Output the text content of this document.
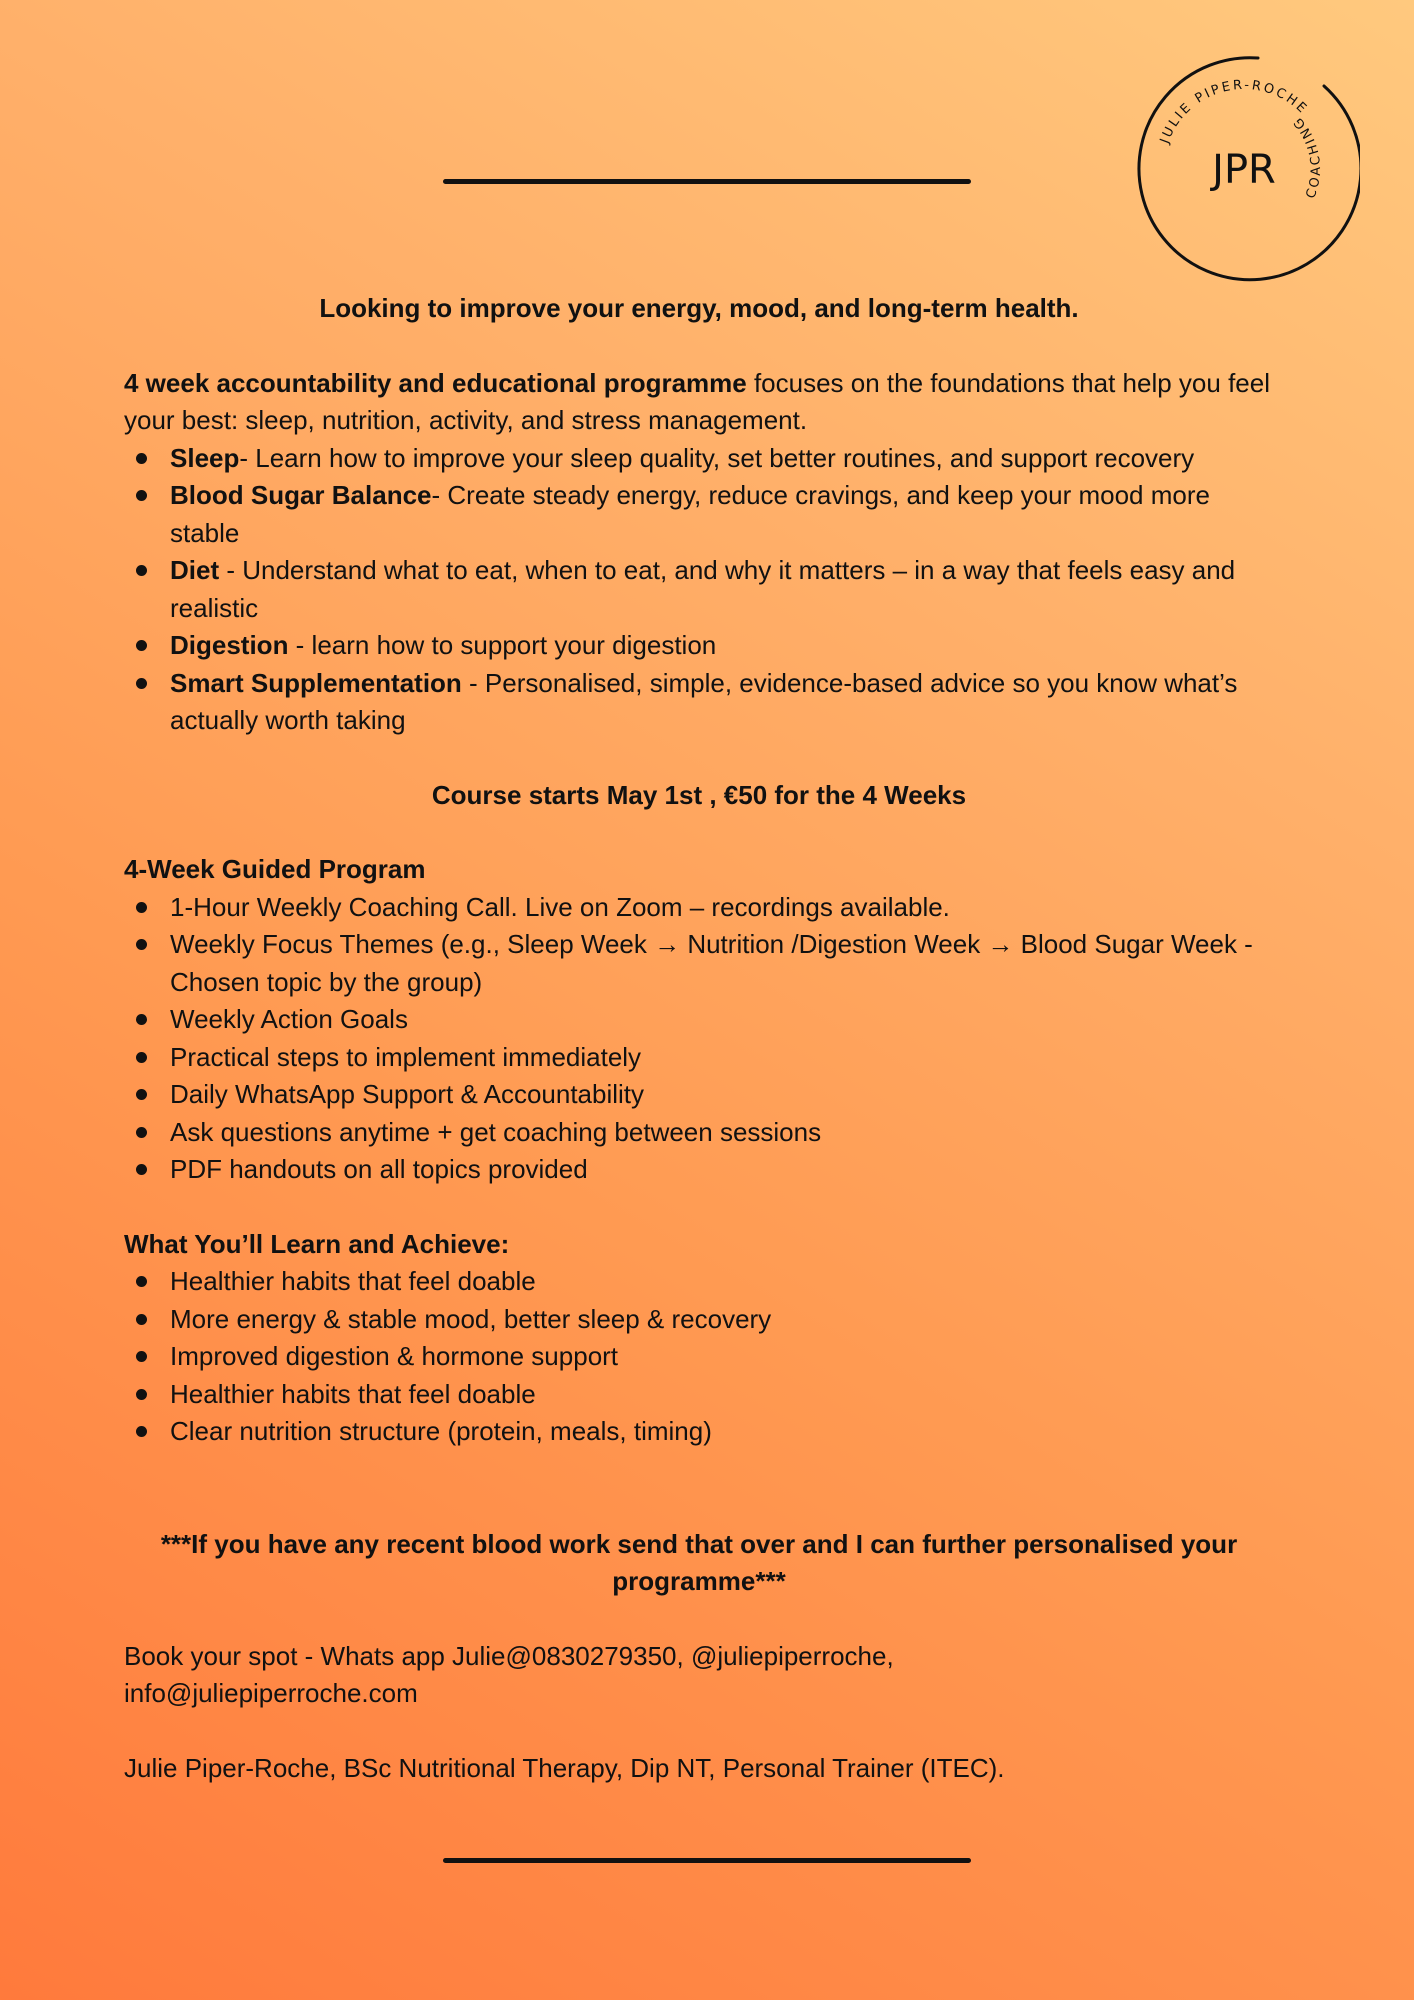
JULIE PIPER-ROCHE
COACHING
JPR

Looking to improve your energy, mood, and long-term health.

4 week accountability and educational programme focuses on the foundations that help you feel your best: sleep, nutrition, activity, and stress management.

Sleep- Learn how to improve your sleep quality, set better routines, and support recovery
Blood Sugar Balance- Create steady energy, reduce cravings, and keep your mood more stable
Diet - Understand what to eat, when to eat, and why it matters – in a way that feels easy and realistic
Digestion - learn how to support your digestion
Smart Supplementation - Personalised, simple, evidence-based advice so you know what’s actually worth taking

Course starts May 1st , €50 for the 4 Weeks

4-Week Guided Program

1-Hour Weekly Coaching Call. Live on Zoom – recordings available.
Weekly Focus Themes (e.g., Sleep Week → Nutrition /Digestion Week → Blood Sugar Week - Chosen topic by the group)
Weekly Action Goals
Practical steps to implement immediately
Daily WhatsApp Support & Accountability
Ask questions anytime + get coaching between sessions
PDF handouts on all topics provided

What You’ll Learn and Achieve:

Healthier habits that feel doable
More energy & stable mood, better sleep & recovery
Improved digestion & hormone support
Healthier habits that feel doable
Clear nutrition structure (protein, meals, timing)

***If you have any recent blood work send that over and I can further personalised your programme***

Book your spot - Whats app Julie@0830279350, @juliepiperroche, info@juliepiperroche.com

Julie Piper-Roche, BSc Nutritional Therapy, Dip NT, Personal Trainer (ITEC).
